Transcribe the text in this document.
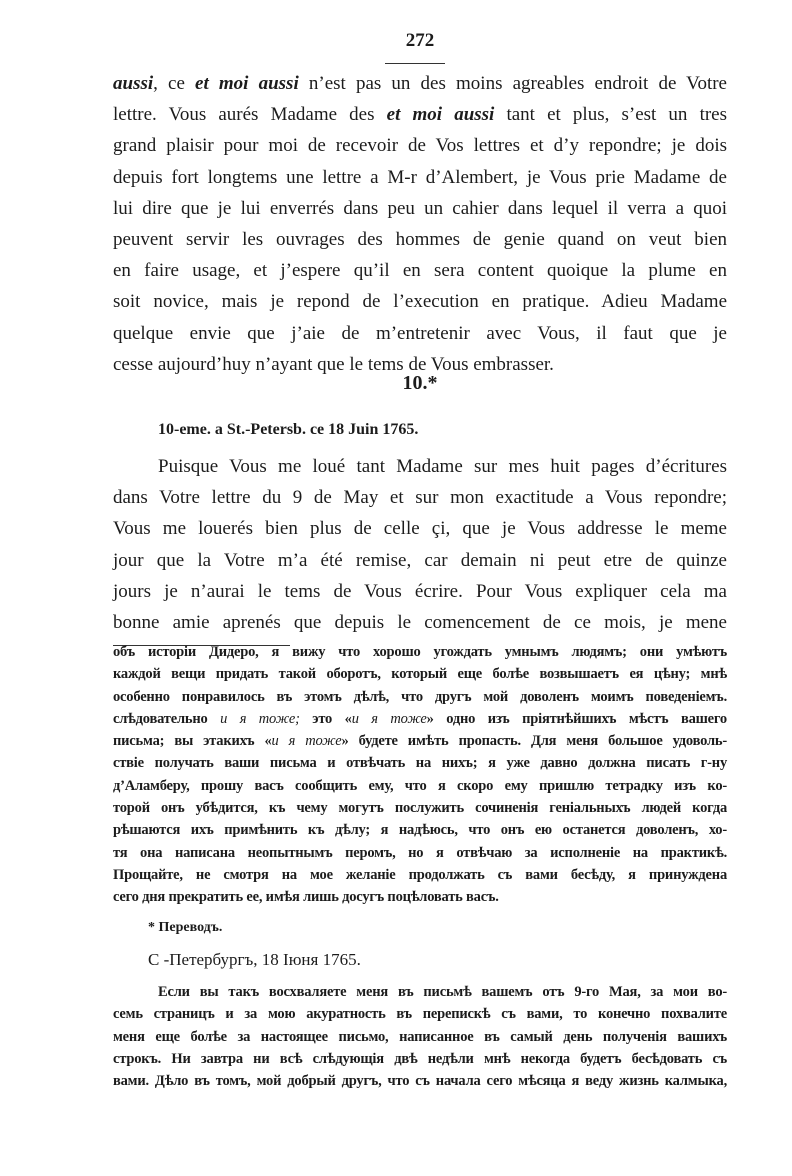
272
aussi, ce et moi aussi n’est pas un des moins agreables endroit de Votre
lettre. Vous aurés Madame des et moi aussi tant et plus, s’est un tres
grand plaisir pour moi de recevoir de Vos lettres et d’y repondre; je dois
depuis fort longtems une lettre a M-r d’Alembert, je Vous prie Madame de
lui dire que je lui enverrés dans peu un cahier dans lequel il verra a quoi
peuvent servir les ouvrages des hommes de genie quand on veut bien
en faire usage, et j’espere qu’il en sera content quoique la plume en
soit novice, mais je repond de l’execution en pratique. Adieu Madame
quelque envie que j’aie de m’entretenir avec Vous, il faut que je
cesse aujourd’huy n’ayant que le tems de Vous embrasser.
10.*
10-eme. a St.-Petersb. ce 18 Juin 1765.
Puisque Vous me loué tant Madame sur mes huit pages d’écritures
dans Votre lettre du 9 de May et sur mon exactitude a Vous repondre;
Vous me louerés bien plus de celle çi, que je Vous addresse le meme
jour que la Votre m’a été remise, car demain ni peut etre de quinze
jours je n’aurai le tems de Vous écrire. Pour Vous expliquer cela ma
bonne amie aprenés que depuis le comencement de ce mois, je mene
объ исторіи Дидеро, я вижу что хорошо угождать умнымъ людямъ; они умѣютъ
каждой вещи придать такой оборотъ, который еще болѣе возвышаетъ ея цѣну; мнѣ
особенно понравилось въ этомъ дѣлѣ, что другъ мой доволенъ моимъ поведеніемъ.
слѣдовательно и я тоже; это «и я тоже» одно изъ пріятнѣйшихъ мѣстъ вашего
письма; вы этакихъ «и я тоже» будете имѣть пропасть. Для меня большое удоволь-
ствіе получать ваши письма и отвѣчать на нихъ; я уже давно должна писать г-ну
д’Аламберу, прошу васъ сообщить ему, что я скоро ему пришлю тетрадку изъ ко-
торой онъ убѣдится, къ чему могутъ послужить сочиненія геніальныхъ людей когда
рѣшаются ихъ примѣнить къ дѣлу; я надѣюсь, что онъ ею останется доволенъ, хо-
тя она написана неопытнымъ перомъ, но я отвѣчаю за исполненіе на практикѣ.
Прощайте, не смотря на мое желаніе продолжать съ вами бесѣду, я принуждена
сего дня прекратить ее, имѣя лишь досугъ поцѣловать васъ.
* Переводъ.
С -Петербургъ, 18 Іюня 1765.
Если вы такъ восхваляете меня въ письмѣ вашемъ отъ 9-го Мая, за мои во-
семь страницъ и за мою акуратность въ перепискѣ съ вами, то конечно похвалите
меня еще болѣе за настоящее письмо, написанное въ самый день полученія вашихъ
строкъ. Ни завтра ни всѣ слѣдующія двѣ недѣли мнѣ некогда будетъ бесѣдовать съ
вами. Дѣло въ томъ, мой добрый другъ, что съ начала сего мѣсяца я веду жизнь калмыка,
